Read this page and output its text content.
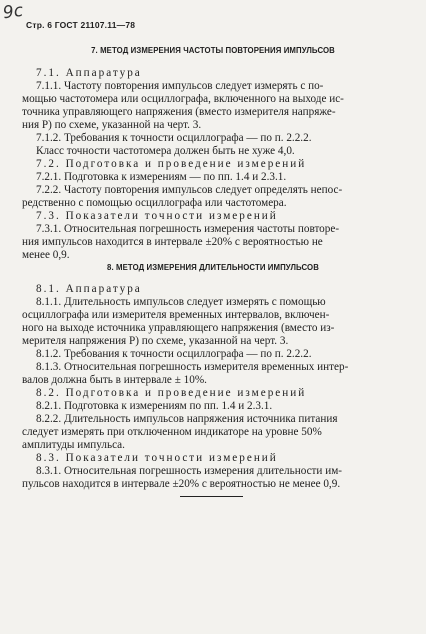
9с
Стр. 6 ГОСТ 21107.11—78
7. МЕТОД ИЗМЕРЕНИЯ ЧАСТОТЫ ПОВТОРЕНИЯ ИМПУЛЬСОВ
7.1. Аппаратура
7.1.1. Частоту повторения импульсов следует измерять с по-
мощью частотомера или осциллографа, включенного на выходе ис-
точника управляющего напряжения (вместо измерителя напряже-
ния Р) по схеме, указанной на черт. 3.
7.1.2. Требования к точности осциллографа — по п. 2.2.2.
Класс точности частотомера должен быть не хуже 4,0.
7.2. Подготовка и проведение измерений
7.2.1. Подготовка к измерениям — по пп. 1.4 и 2.3.1.
7.2.2. Частоту повторения импульсов следует определять непос-
редственно с помощью осциллографа или частотомера.
7.3. Показатели точности измерений
7.3.1. Относительная погрешность измерения частоты повторе-
ния импульсов находится в интервале ±20% с вероятностью не
менее 0,9.
8. МЕТОД ИЗМЕРЕНИЯ ДЛИТЕЛЬНОСТИ ИМПУЛЬСОВ
8.1. Аппаратура
8.1.1. Длительность импульсов следует измерять с помощью
осциллографа или измерителя временных интервалов, включен-
ного на выходе источника управляющего напряжения (вместо из-
мерителя напряжения Р) по схеме, указанной на черт. 3.
8.1.2. Требования к точности осциллографа — по п. 2.2.2.
8.1.3. Относительная погрешность измерителя временных интер-
валов должна быть в интервале ± 10%.
8.2. Подготовка и проведение измерений
8.2.1. Подготовка к измерениям по пп. 1.4 и 2.3.1.
8.2.2. Длительность импульсов напряжения источника питания
следует измерять при отключенном индикаторе на уровне 50%
амплитуды импульса.
8.3. Показатели точности измерений
8.3.1. Относительная погрешность измерения длительности им-
пульсов находится в интервале ±20% с вероятностью не менее 0,9.
